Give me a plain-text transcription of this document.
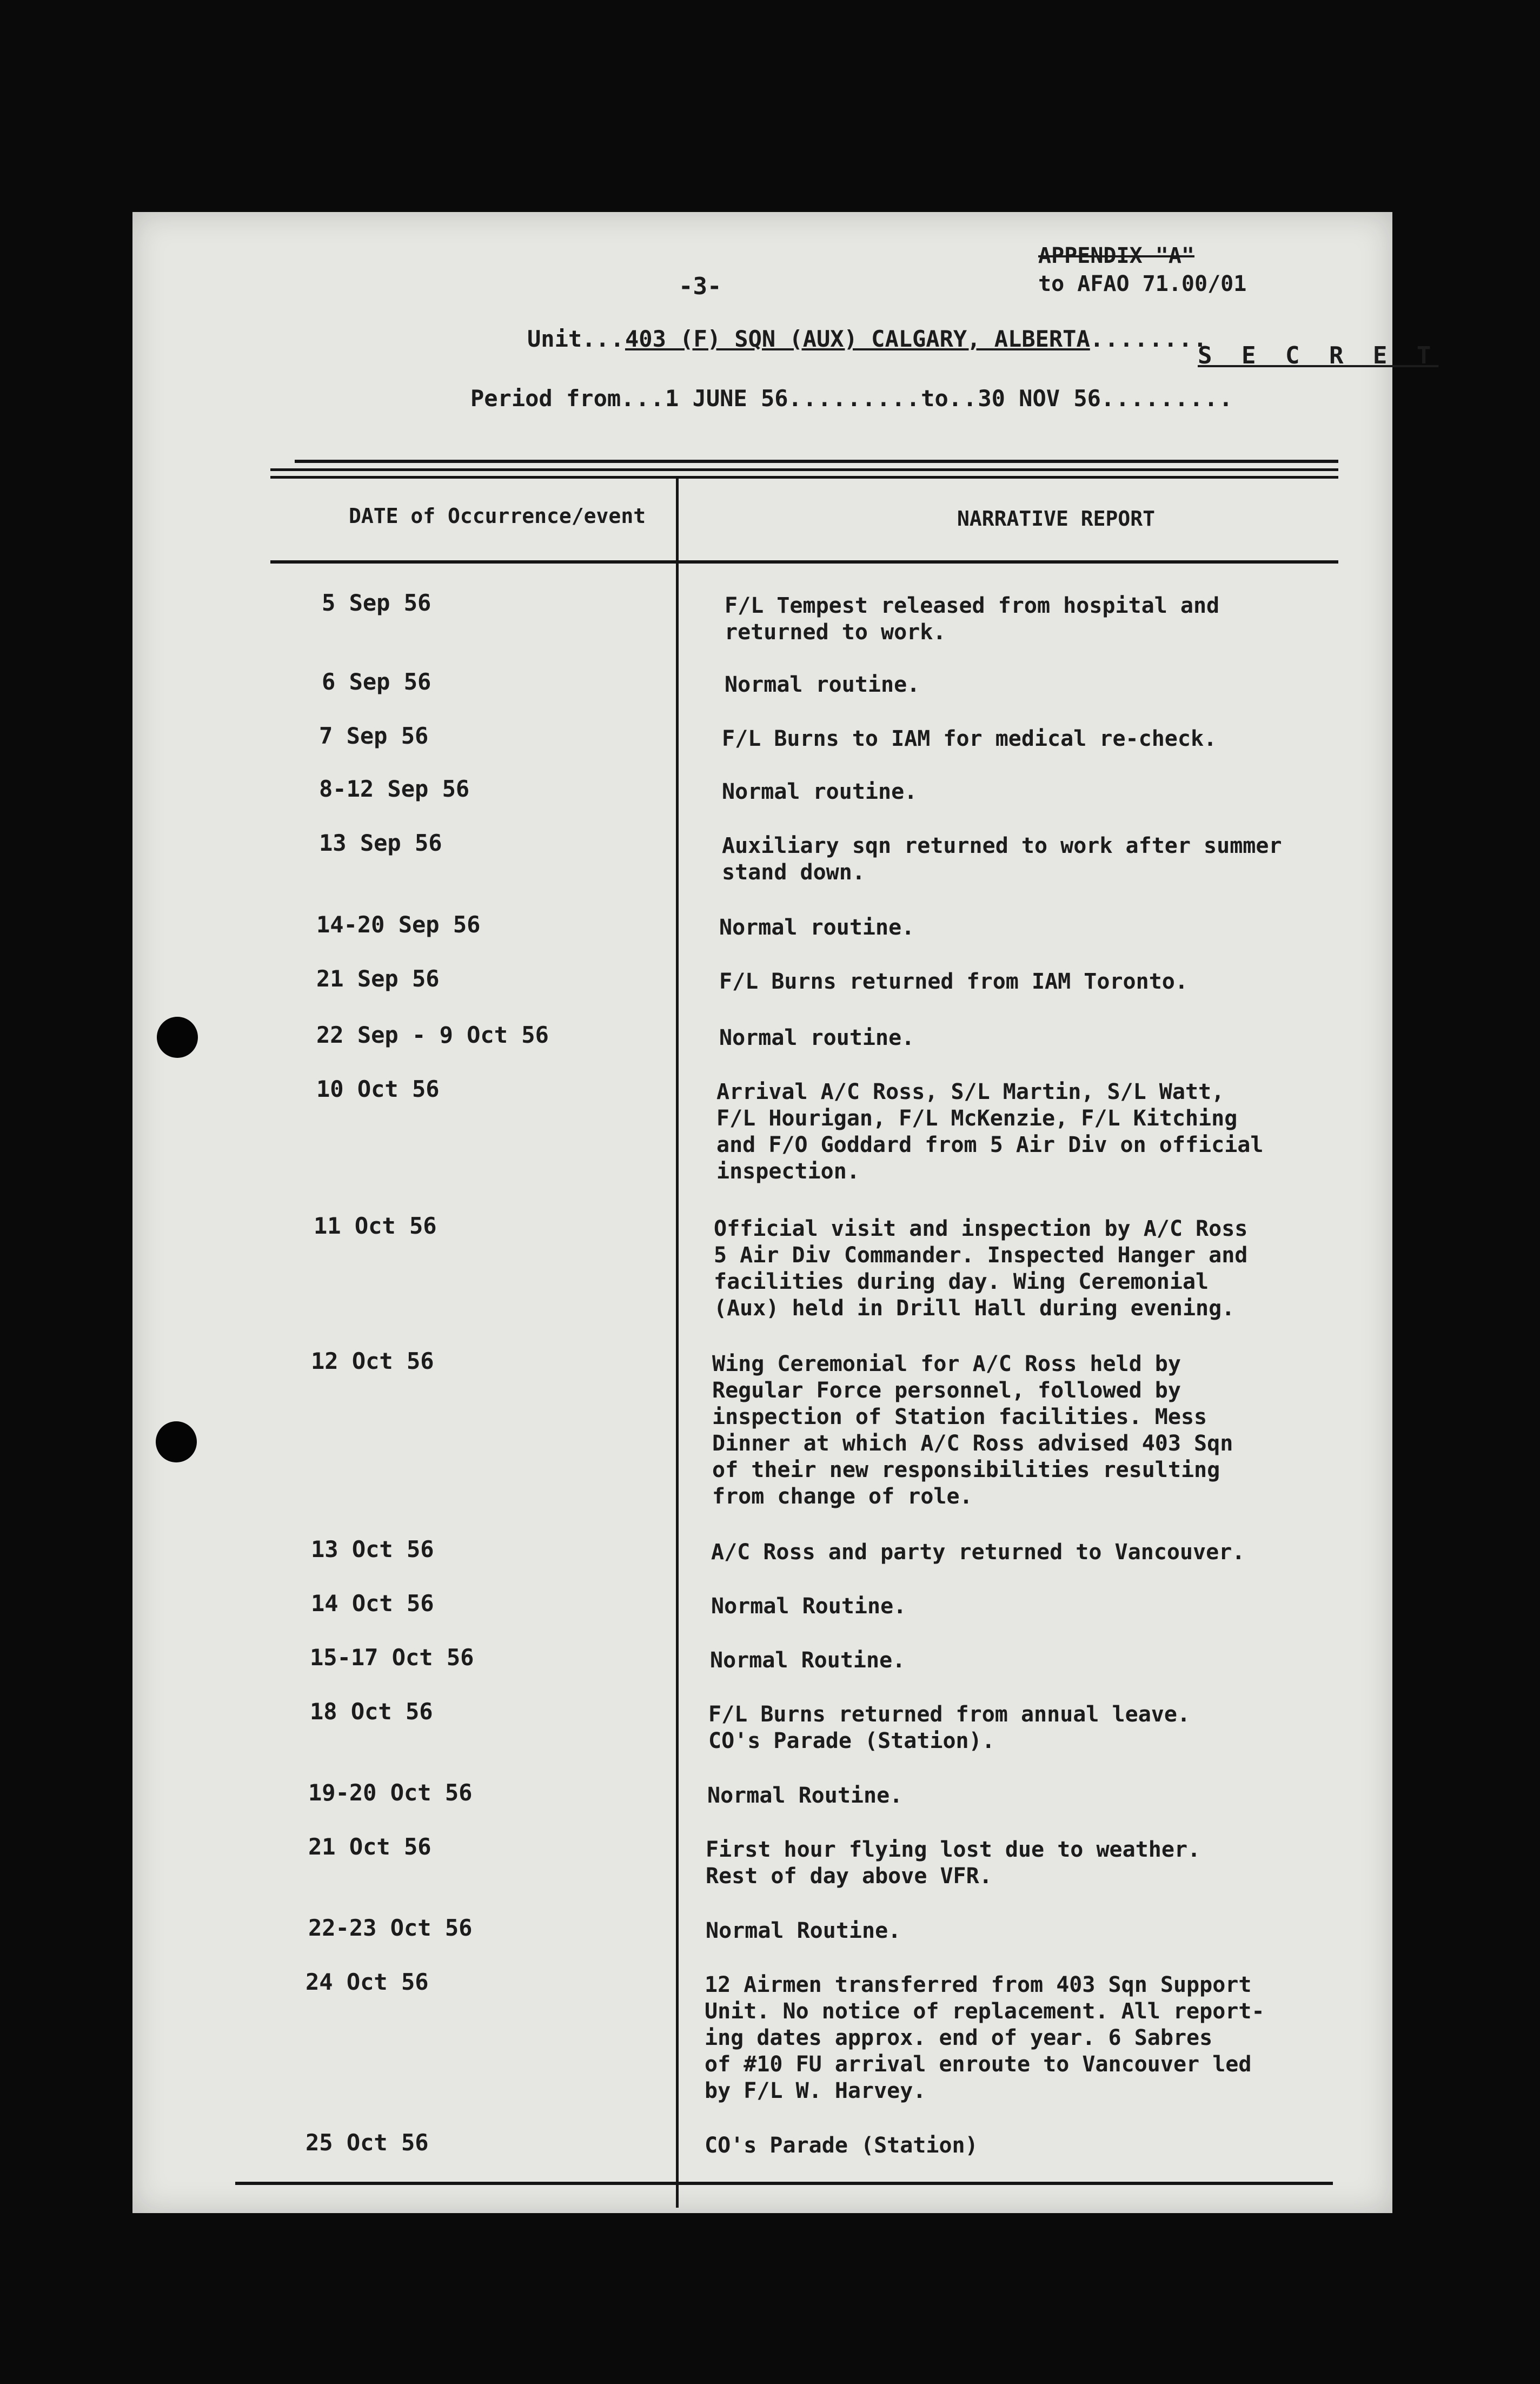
-3-
APPENDIX "A"
to AFAO 71.00/01
S E C R E T
Unit...403 (F) SQN (AUX) CALGARY, ALBERTA........
Period from...1 JUNE 56.........to..30 NOV 56.........
DATE of Occurrence/event	NARRATIVE REPORT
5 Sep 56	F/L Tempest released from hospital and
returned to work.
6 Sep 56	Normal routine.
7 Sep 56	F/L Burns to IAM for medical re-check.
8-12 Sep 56	Normal routine.
13 Sep 56	Auxiliary sqn returned to work after summer
stand down.
14-20 Sep 56	Normal routine.
21 Sep 56	F/L Burns returned from IAM Toronto.
22 Sep - 9 Oct 56	Normal routine.
10 Oct 56	Arrival A/C Ross, S/L Martin, S/L Watt,
F/L Hourigan, F/L McKenzie, F/L Kitching
and F/O Goddard from 5 Air Div on official
inspection.
11 Oct 56	Official visit and inspection by A/C Ross
5 Air Div Commander. Inspected Hanger and
facilities during day. Wing Ceremonial
(Aux) held in Drill Hall during evening.
12 Oct 56	Wing Ceremonial for A/C Ross held by
Regular Force personnel, followed by
inspection of Station facilities. Mess
Dinner at which A/C Ross advised 403 Sqn
of their new responsibilities resulting
from change of role.
13 Oct 56	A/C Ross and party returned to Vancouver.
14 Oct 56	Normal Routine.
15-17 Oct 56	Normal Routine.
18 Oct 56	F/L Burns returned from annual leave.
CO's Parade (Station).
19-20 Oct 56	Normal Routine.
21 Oct 56	First hour flying lost due to weather.
Rest of day above VFR.
22-23 Oct 56	Normal Routine.
24 Oct 56	12 Airmen transferred from 403 Sqn Support
Unit. No notice of replacement. All report-
ing dates approx. end of year. 6 Sabres
of #10 FU arrival enroute to Vancouver led
by F/L W. Harvey.
25 Oct 56	CO's Parade (Station)
